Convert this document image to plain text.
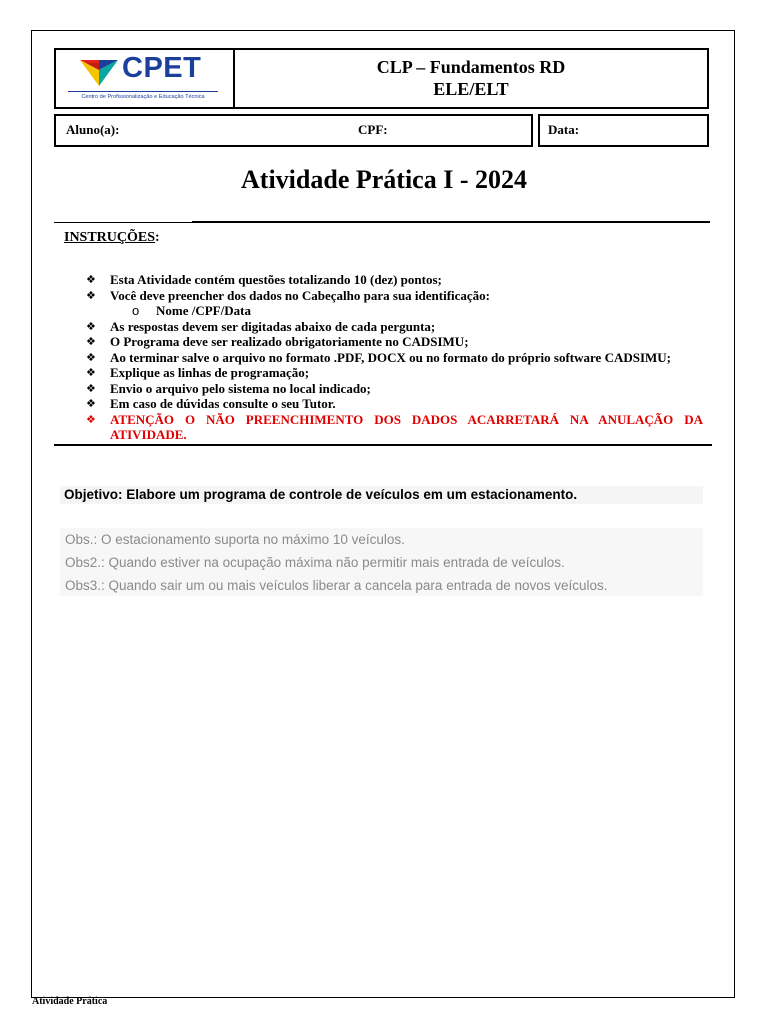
CPET
Centro de Profissionalização e Educação Técnica
CLP – Fundamentos RD
ELE/ELT
Aluno(a):	CPF:	Data:
Atividade Prática I - 2024
INSTRUÇÕES:
❖ Esta Atividade contém questões totalizando 10 (dez) pontos;
❖ Você deve preencher dos dados no Cabeçalho para sua identificação:
o Nome /CPF/Data
❖ As respostas devem ser digitadas abaixo de cada pergunta;
❖ O Programa deve ser realizado obrigatoriamente no CADSIMU;
❖ Ao terminar salve o arquivo no formato .PDF, DOCX ou no formato do próprio software CADSIMU;
❖ Explique as linhas de programação;
❖ Envio o arquivo pelo sistema no local indicado;
❖ Em caso de dúvidas consulte o seu Tutor.
❖ ATENÇÃO O NÃO PREENCHIMENTO DOS DADOS ACARRETARÁ NA ANULAÇÃO DA ATIVIDADE.
Objetivo: Elabore um programa de controle de veículos em um estacionamento.
Obs.: O estacionamento suporta no máximo 10 veículos.
Obs2.: Quando estiver na ocupação máxima não permitir mais entrada de veículos.
Obs3.: Quando sair um ou mais veículos liberar a cancela para entrada de novos veículos.
Atividade Prática
